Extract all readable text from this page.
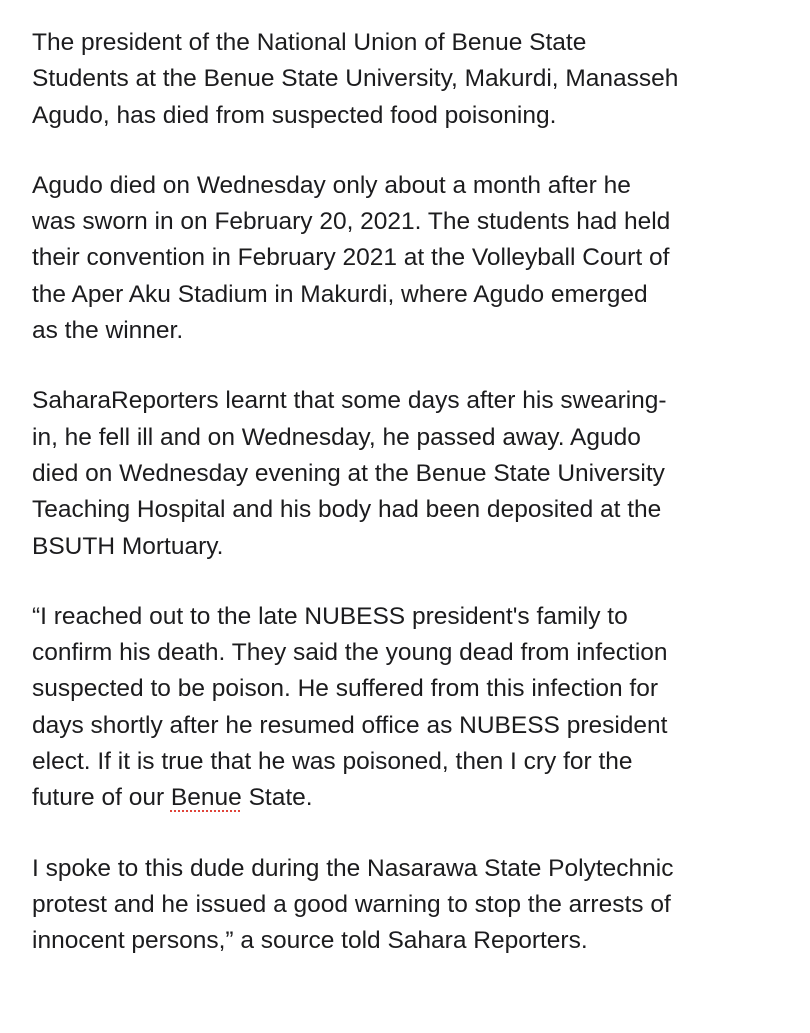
The president of the National Union of Benue State
Students at the Benue State University, Makurdi, Manasseh
Agudo, has died from suspected food poisoning.

Agudo died on Wednesday only about a month after he
was sworn in on February 20, 2021. The students had held
their convention in February 2021 at the Volleyball Court of
the Aper Aku Stadium in Makurdi, where Agudo emerged
as the winner.

SaharaReporters learnt that some days after his swearing-
in, he fell ill and on Wednesday, he passed away. Agudo
died on Wednesday evening at the Benue State University
Teaching Hospital and his body had been deposited at the
BSUTH Mortuary.

“I reached out to the late NUBESS president's family to
confirm his death. They said the young dead from infection
suspected to be poison. He suffered from this infection for
days shortly after he resumed office as NUBESS president
elect. If it is true that he was poisoned, then I cry for the
future of our Benue State.

I spoke to this dude during the Nasarawa State Polytechnic
protest and he issued a good warning to stop the arrests of
innocent persons,” a source told Sahara Reporters.
